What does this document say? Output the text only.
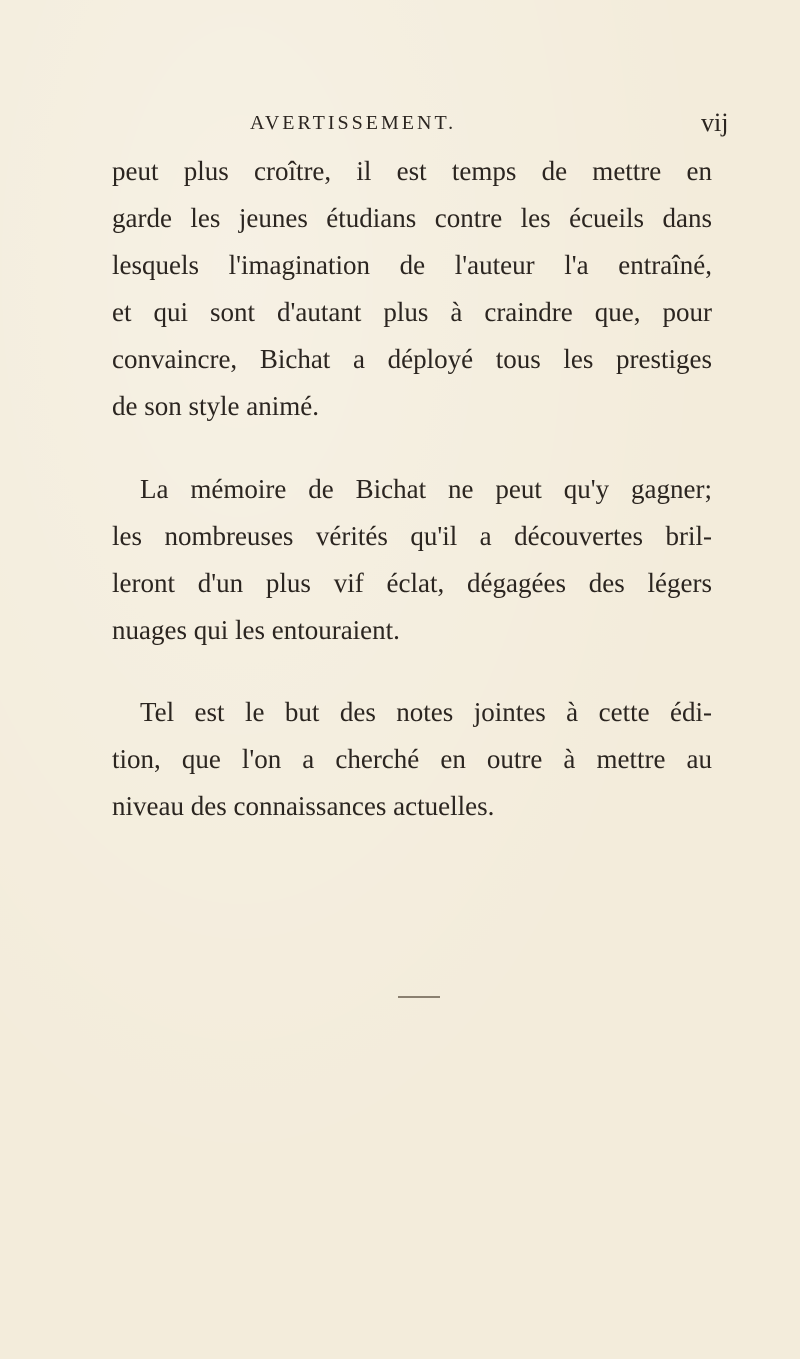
AVERTISSEMENT.	vij
peut plus croître, il est temps de mettre en
garde les jeunes étudians contre les écueils dans
lesquels l'imagination de l'auteur l'a entraîné,
et qui sont d'autant plus à craindre que, pour
convaincre, Bichat a déployé tous les prestiges
de son style animé.
La mémoire de Bichat ne peut qu'y gagner;
les nombreuses vérités qu'il a découvertes bril-
leront d'un plus vif éclat, dégagées des légers
nuages qui les entouraient.
Tel est le but des notes jointes à cette édi-
tion, que l'on a cherché en outre à mettre au
niveau des connaissances actuelles.
